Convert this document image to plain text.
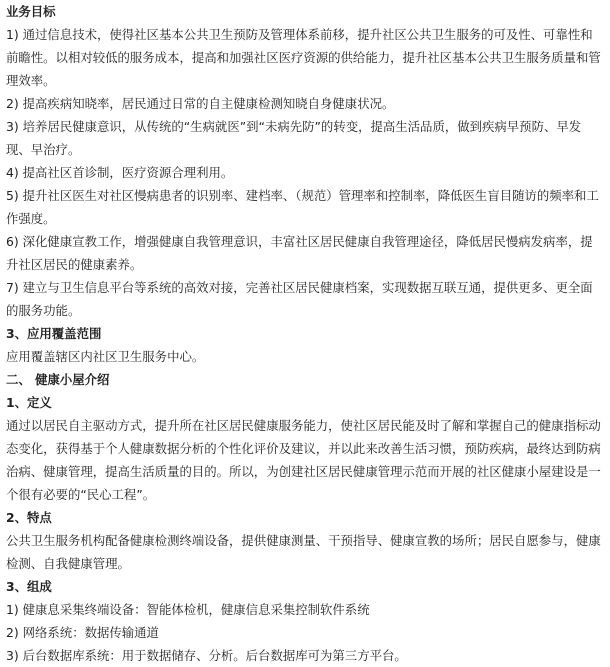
业务目标
1) 通过信息技术，使得社区基本公共卫生预防及管理体系前移，提升社区公共卫生服务的可及性、可靠性和前瞻性。以相对较低的服务成本，提高和加强社区医疗资源的供给能力，提升社区基本公共卫生服务质量和管理效率。
2) 提高疾病知晓率，居民通过日常的自主健康检测知晓自身健康状况。
3) 培养居民健康意识，从传统的“生病就医”到“未病先防”的转变，提高生活品质，做到疾病早预防、早发现、早治疗。
4) 提高社区首诊制，医疗资源合理利用。
5) 提升社区医生对社区慢病患者的识别率、建档率、（规范）管理率和控制率，降低医生盲目随访的频率和工作强度。
6) 深化健康宣教工作，增强健康自我管理意识，丰富社区居民健康自我管理途径，降低居民慢病发病率，提升社区居民的健康素养。
7) 建立与卫生信息平台等系统的高效对接，完善社区居民健康档案，实现数据互联互通，提供更多、更全面的服务功能。
3、应用覆盖范围
应用覆盖辖区内社区卫生服务中心。
二、 健康小屋介绍
1、定义
通过以居民自主驱动方式，提升所在社区居民健康服务能力，使社区居民能及时了解和掌握自己的健康指标动态变化，获得基于个人健康数据分析的个性化评价及建议，并以此来改善生活习惯，预防疾病，最终达到防病治病、健康管理，提高生活质量的目的。所以，为创建社区居民健康管理示范而开展的社区健康小屋建设是一个很有必要的“民心工程”。
2、特点
公共卫生服务机构配备健康检测终端设备，提供健康测量、干预指导、健康宣教的场所；居民自愿参与，健康检测、自我健康管理。
3、组成
1) 健康息采集终端设备：智能体检机，健康信息采集控制软件系统
2) 网络系统：数据传输通道
3) 后台数据库系统：用于数据储存、分析。后台数据库可为第三方平台。
